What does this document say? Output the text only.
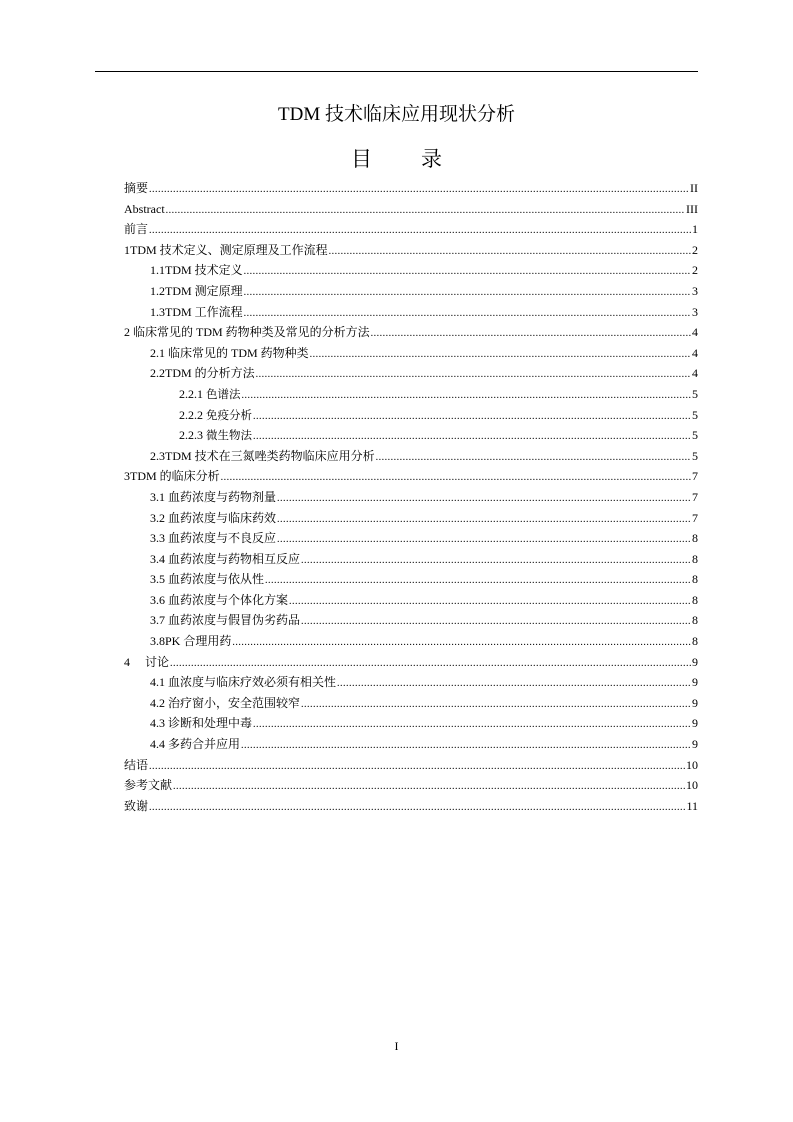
TDM 技术临床应用现状分析
目　录
摘要 .....	II
Abstract .....	III
前言 .....	1
1TDM 技术定义、测定原理及工作流程 .....	2
1.1TDM 技术定义 .....	2
1.2TDM 测定原理 .....	3
1.3TDM 工作流程 .....	3
2 临床常见的 TDM 药物种类及常见的分析方法 .....	4
2.1 临床常见的 TDM 药物种类 .....	4
2.2TDM 的分析方法 .....	4
2.2.1 色谱法 .....	5
2.2.2 免疫分析 .....	5
2.2.3 微生物法 .....	5
2.3TDM 技术在三氮唑类药物临床应用分析 .....	5
3TDM 的临床分析 .....	7
3.1 血药浓度与药物剂量 .....	7
3.2 血药浓度与临床药效 .....	7
3.3 血药浓度与不良反应 .....	8
3.4 血药浓度与药物相互反应 .....	8
3.5 血药浓度与依从性 .....	8
3.6 血药浓度与个体化方案 .....	8
3.7 血药浓度与假冒伪劣药品 .....	8
3.8PK 合理用药 .....	8
4　 讨论 .....	9
4.1 血浓度与临床疗效必须有相关性 .....	9
4.2 治疗窗小，安全范围较窄 .....	9
4.3 诊断和处理中毒 .....	9
4.4 多药合并应用 .....	9
结语 .....	10
参考文献 .....	10
致谢 .....	11
I
